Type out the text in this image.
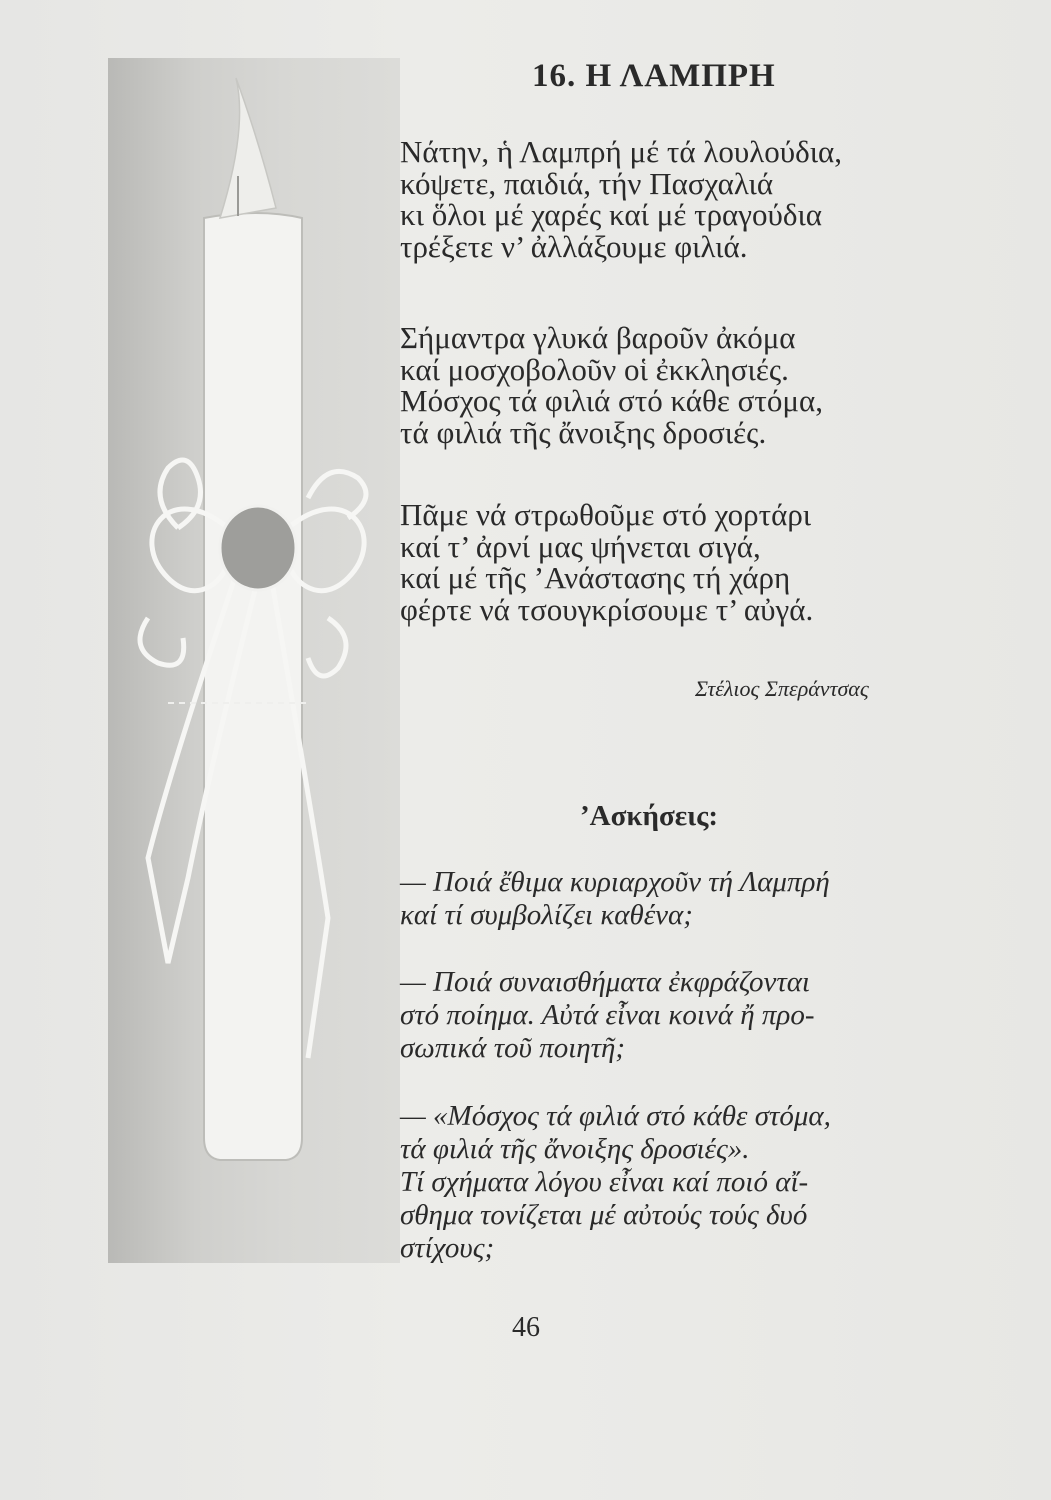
16. Η ΛΑΜΠΡΗ
Νάτην, ἡ Λαμπρή μέ τά λουλούδια,
κόψετε, παιδιά, τήν Πασχαλιά
κι ὅλοι μέ χαρές καί μέ τραγούδια
τρέξετε ν’ ἀλλάξουμε φιλιά.
Σήμαντρα γλυκά βαροῦν ἀκόμα
καί μοσχοβολοῦν οἱ ἐκκλησιές.
Μόσχος τά φιλιά στό κάθε στόμα,
τά φιλιά τῆς ἄνοιξης δροσιές.
Πᾶμε νά στρωθοῦμε στό χορτάρι
καί τ’ ἀρνί μας ψήνεται σιγά,
καί μέ τῆς ’Ανάστασης τή χάρη
φέρτε νά τσουγκρίσουμε τ’ αὐγά.
Στέλιος Σπεράντσας
’Ασκήσεις:
— Ποιά ἔθιμα κυριαρχοῦν τή Λαμπρή
καί τί συμβολίζει καθένα;
— Ποιά συναισθήματα ἐκφράζονται
στό ποίημα. Αὐτά εἶναι κοινά ἤ προ-
σωπικά τοῦ ποιητῆ;
— «Μόσχος τά φιλιά στό κάθε στόμα,
τά φιλιά τῆς ἄνοιξης δροσιές».
Τί σχήματα λόγου εἶναι καί ποιό αἴ-
σθημα τονίζεται μέ αὐτούς τούς δυό
στίχους;
46
